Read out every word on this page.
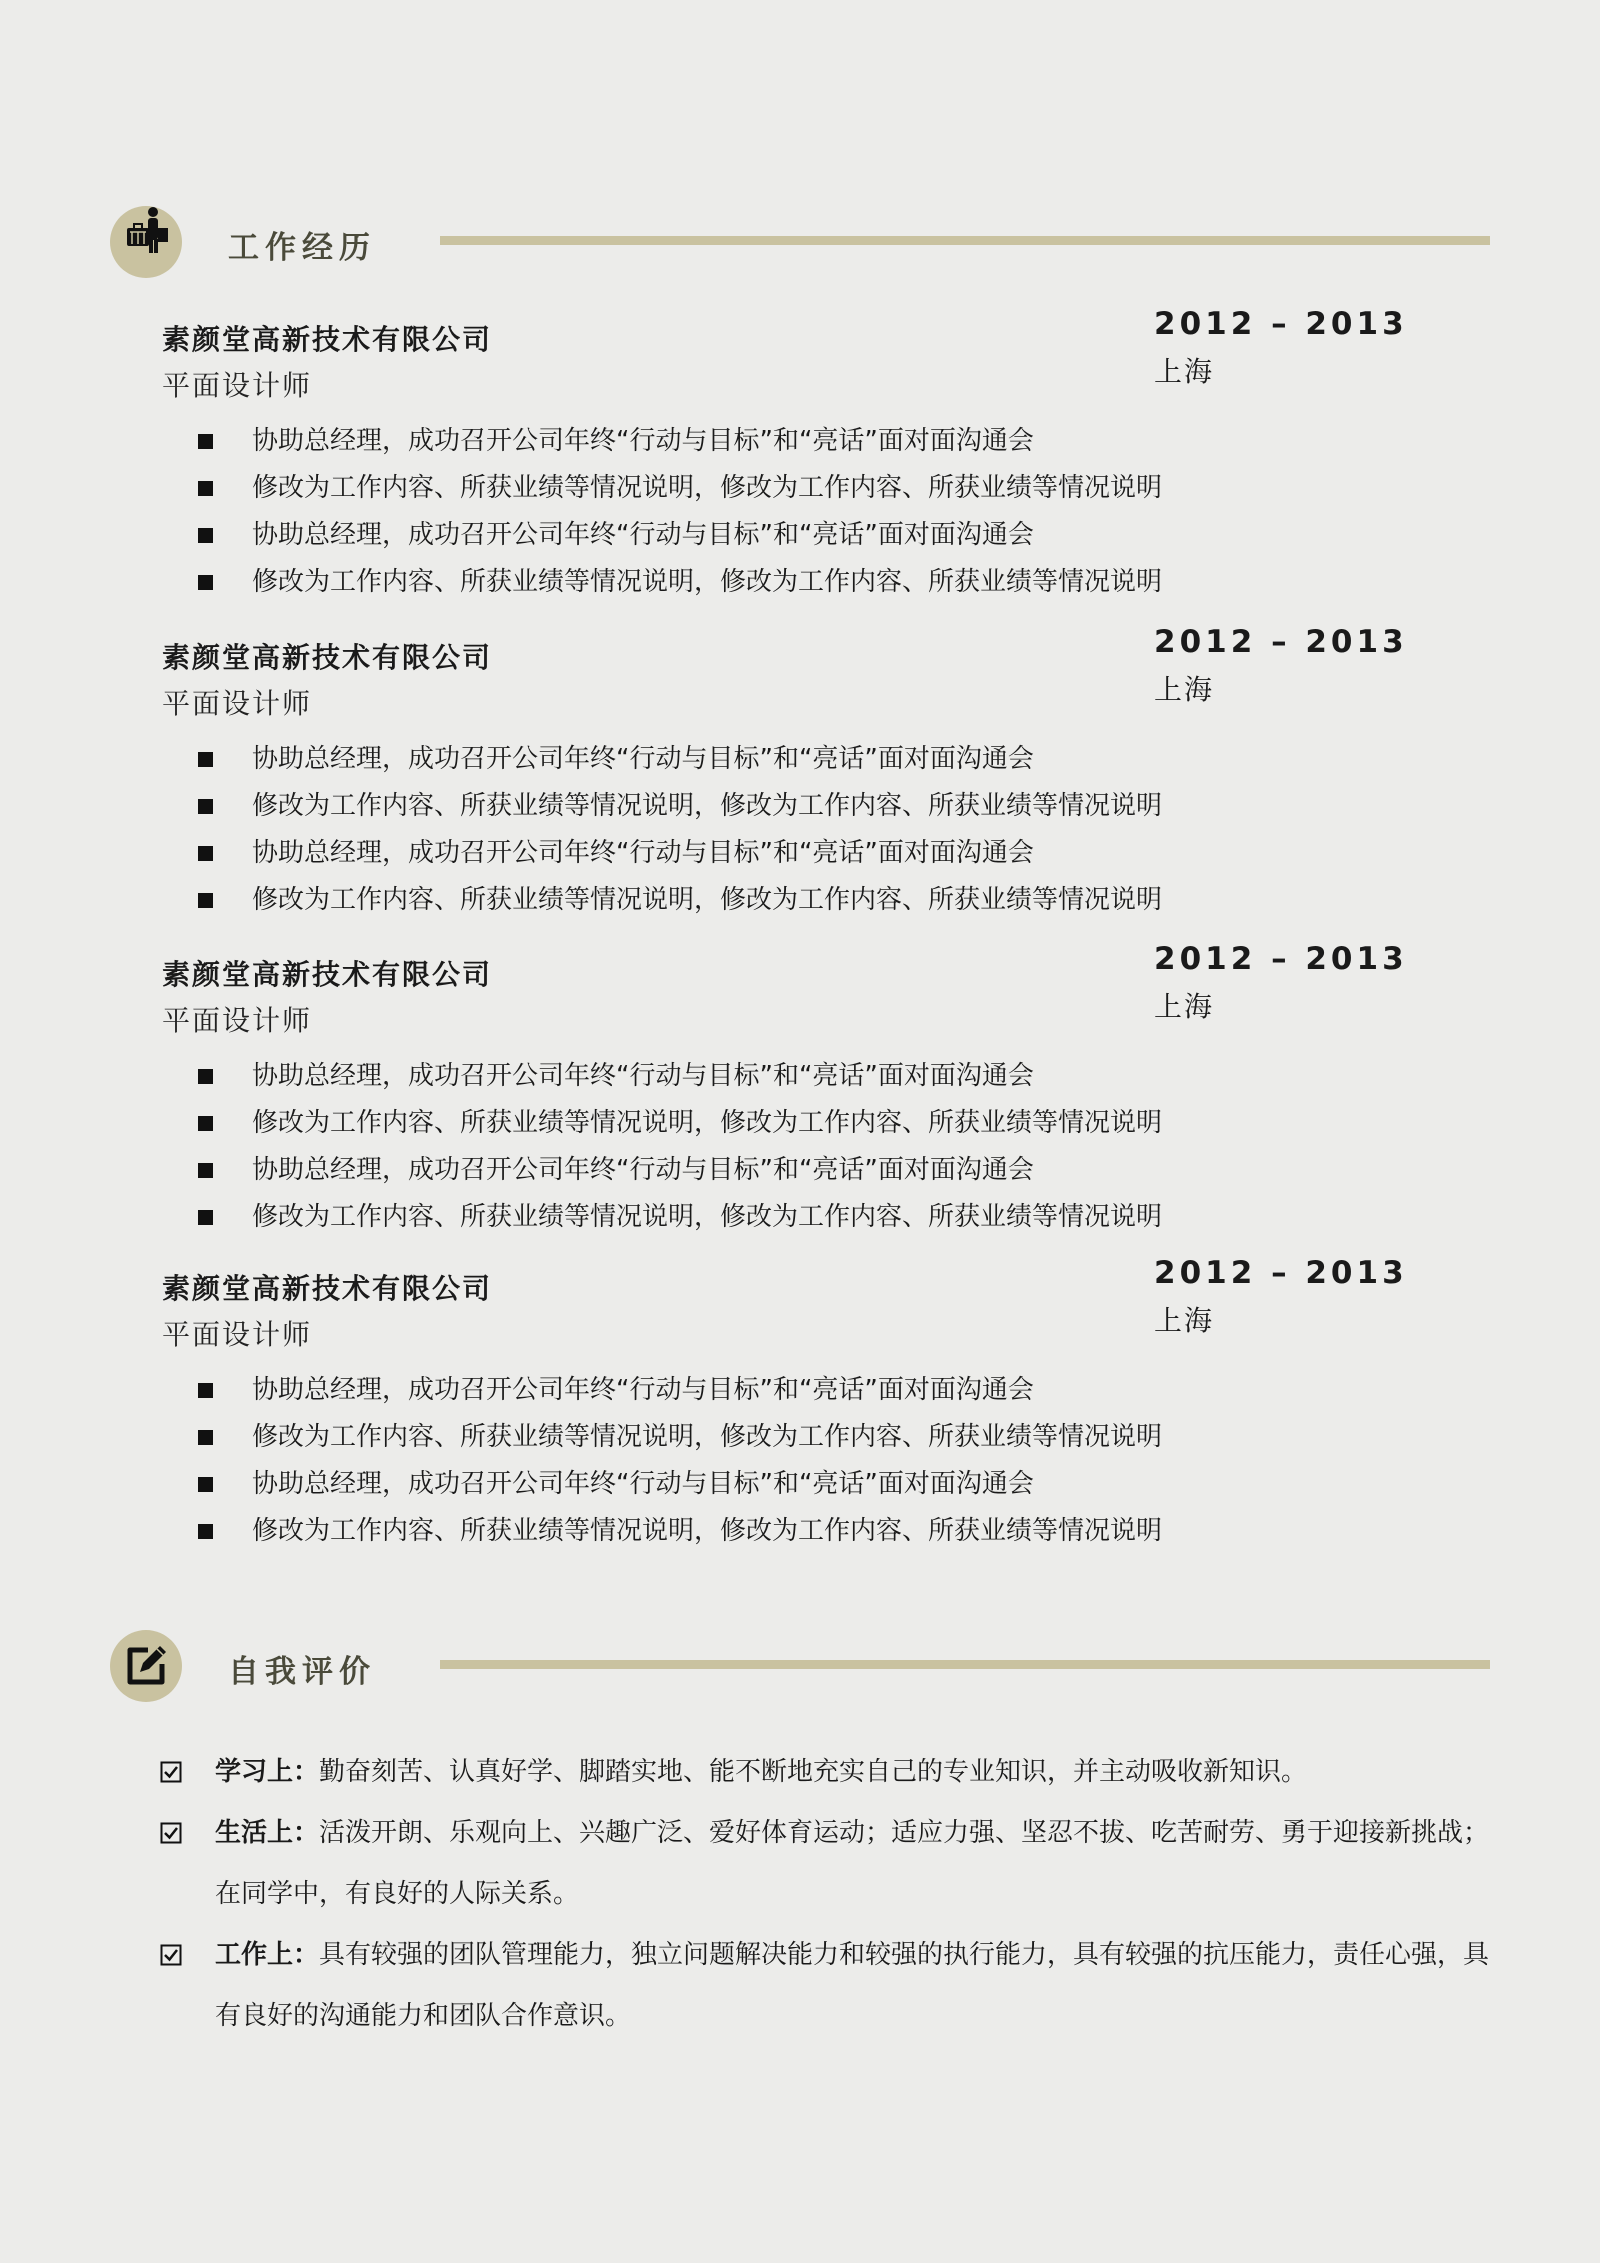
工作经历
素颜堂高新技术有限公司
平面设计师
2012 – 2013
上海
协助总经理，成功召开公司年终“行动与目标”和“亮话”面对面沟通会
修改为工作内容、所获业绩等情况说明，修改为工作内容、所获业绩等情况说明
协助总经理，成功召开公司年终“行动与目标”和“亮话”面对面沟通会
修改为工作内容、所获业绩等情况说明，修改为工作内容、所获业绩等情况说明
素颜堂高新技术有限公司
平面设计师
2012 – 2013
上海
协助总经理，成功召开公司年终“行动与目标”和“亮话”面对面沟通会
修改为工作内容、所获业绩等情况说明，修改为工作内容、所获业绩等情况说明
协助总经理，成功召开公司年终“行动与目标”和“亮话”面对面沟通会
修改为工作内容、所获业绩等情况说明，修改为工作内容、所获业绩等情况说明
素颜堂高新技术有限公司
平面设计师
2012 – 2013
上海
协助总经理，成功召开公司年终“行动与目标”和“亮话”面对面沟通会
修改为工作内容、所获业绩等情况说明，修改为工作内容、所获业绩等情况说明
协助总经理，成功召开公司年终“行动与目标”和“亮话”面对面沟通会
修改为工作内容、所获业绩等情况说明，修改为工作内容、所获业绩等情况说明
素颜堂高新技术有限公司
平面设计师
2012 – 2013
上海
协助总经理，成功召开公司年终“行动与目标”和“亮话”面对面沟通会
修改为工作内容、所获业绩等情况说明，修改为工作内容、所获业绩等情况说明
协助总经理，成功召开公司年终“行动与目标”和“亮话”面对面沟通会
修改为工作内容、所获业绩等情况说明，修改为工作内容、所获业绩等情况说明
自我评价
学习上：勤奋刻苦、认真好学、脚踏实地、能不断地充实自己的专业知识，并主动吸收新知识。
生活上：活泼开朗、乐观向上、兴趣广泛、爱好体育运动；适应力强、坚忍不拔、吃苦耐劳、勇于迎接新挑战；在同学中，有良好的人际关系。
工作上：具有较强的团队管理能力，独立问题解决能力和较强的执行能力，具有较强的抗压能力，责任心强，具有良好的沟通能力和团队合作意识。
